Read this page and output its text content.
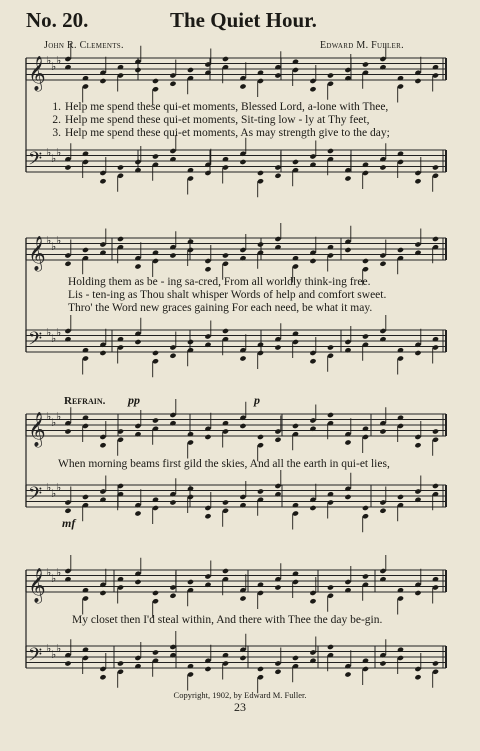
No. 20.	The Quiet Hour.
John R. Clements.	Edward M. Fuller.
𝄞 ♭ ♭ ♭
𝄢 ♭ ♭ ♭
𝄞 ♭ ♭ ♭
𝄢 ♭ ♭ ♭
𝄞 ♭ ♭ ♭
𝄢 ♭ ♭ ♭
𝄞 ♭ ♭ ♭
𝄢 ♭ ♭ ♭
1. Help me spend these qui-et moments, Blessed Lord, a-lone with Thee,
2. Help me spend these qui-et moments, Sit-ting low - ly at Thy feet,
3. Help me spend these qui-et moments, As may strength give to the day;
Holding them as be - ing sa-cred, From all worldly think-ing free.
Lis - ten-ing as Thou shalt whisper Words of help and comfort sweet.
Thro' the Word new graces gaining For each need, be what it may.
Refrain. pp	p
When morning beams first gild the skies, And all the earth in qui-et lies,
mf
My closet then I'd steal within, And there with Thee the day be-gin.
Copyright, 1902, by Edward M. Fuller.
23
